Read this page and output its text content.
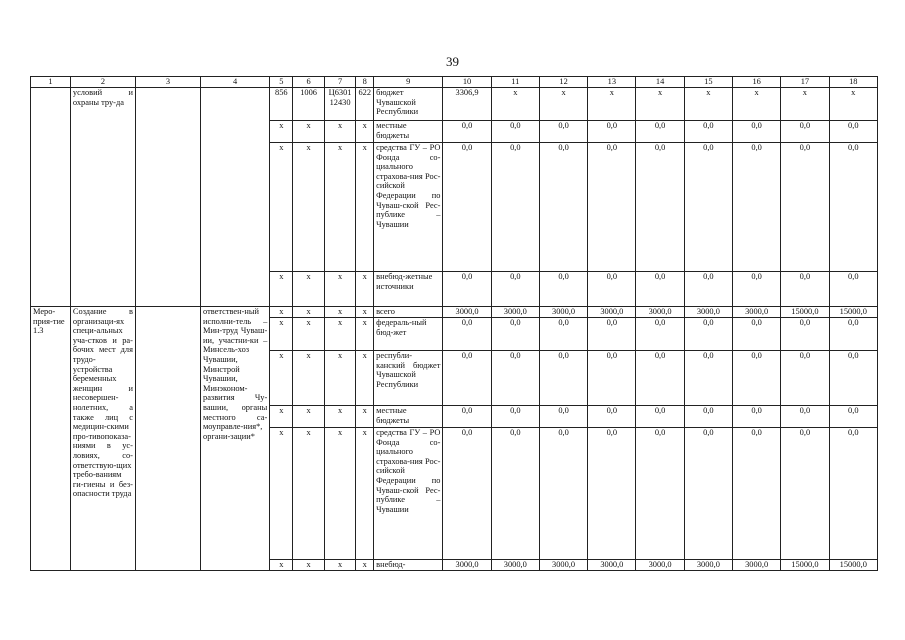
39
1	2	3	4	5	6	7	8	9	10	11	12	13	14	15	16	17	18
	условий и охраны тру-да			856	1006	Ц6301 12430	622	бюджет Чувашской Республики	3306,9	x	x	x	x	x	x	x	x
				x	x	x	x	местные бюджеты	0,0	0,0	0,0	0,0	0,0	0,0	0,0	0,0	0,0
				x	x	x	x	средства ГУ – РО Фонда со-циального страхова-ния Рос-сийской Федерации по Чуваш-ской Рес-публике – Чувашии	0,0	0,0	0,0	0,0	0,0	0,0	0,0	0,0	0,0
				x	x	x	x	внебюд-жетные источники	0,0	0,0	0,0	0,0	0,0	0,0	0,0	0,0	0,0
Меро-прия-тие 1.3	Создание в организаци-ях специ-альных уча-стков и ра-бочих мест для трудо-устройства беременных женщин и несовершен-нолетних, а также лиц с медицин-скими про-тивопоказа-ниями в ус-ловиях, со-ответствую-щих требо-ваниям ги-гиены и без-опасности труда		ответствен-ный исполни-тель – Мин-труд Чуваш-ии, участни-ки – Минсель-хоз Чувашии, Минстрой Чувашии, Минэконом-развития Чу-вашии, органы местного са-моуправле-ния*, органи-зации*	x	x	x	x	всего	3000,0	3000,0	3000,0	3000,0	3000,0	3000,0	3000,0	15000,0	15000,0
				x	x	x	x	федераль-ный бюд-жет	0,0	0,0	0,0	0,0	0,0	0,0	0,0	0,0	0,0
				x	x	x	x	республи-канский бюджет Чувашской Республики	0,0	0,0	0,0	0,0	0,0	0,0	0,0	0,0	0,0
				x	x	x	x	местные бюджеты	0,0	0,0	0,0	0,0	0,0	0,0	0,0	0,0	0,0
				x	x	x	x	средства ГУ – РО Фонда со-циального страхова-ния Рос-сийской Федерации по Чуваш-ской Рес-публике – Чувашии	0,0	0,0	0,0	0,0	0,0	0,0	0,0	0,0	0,0
				x	x	x	x	внебюд-	3000,0	3000,0	3000,0	3000,0	3000,0	3000,0	3000,0	15000,0	15000,0
